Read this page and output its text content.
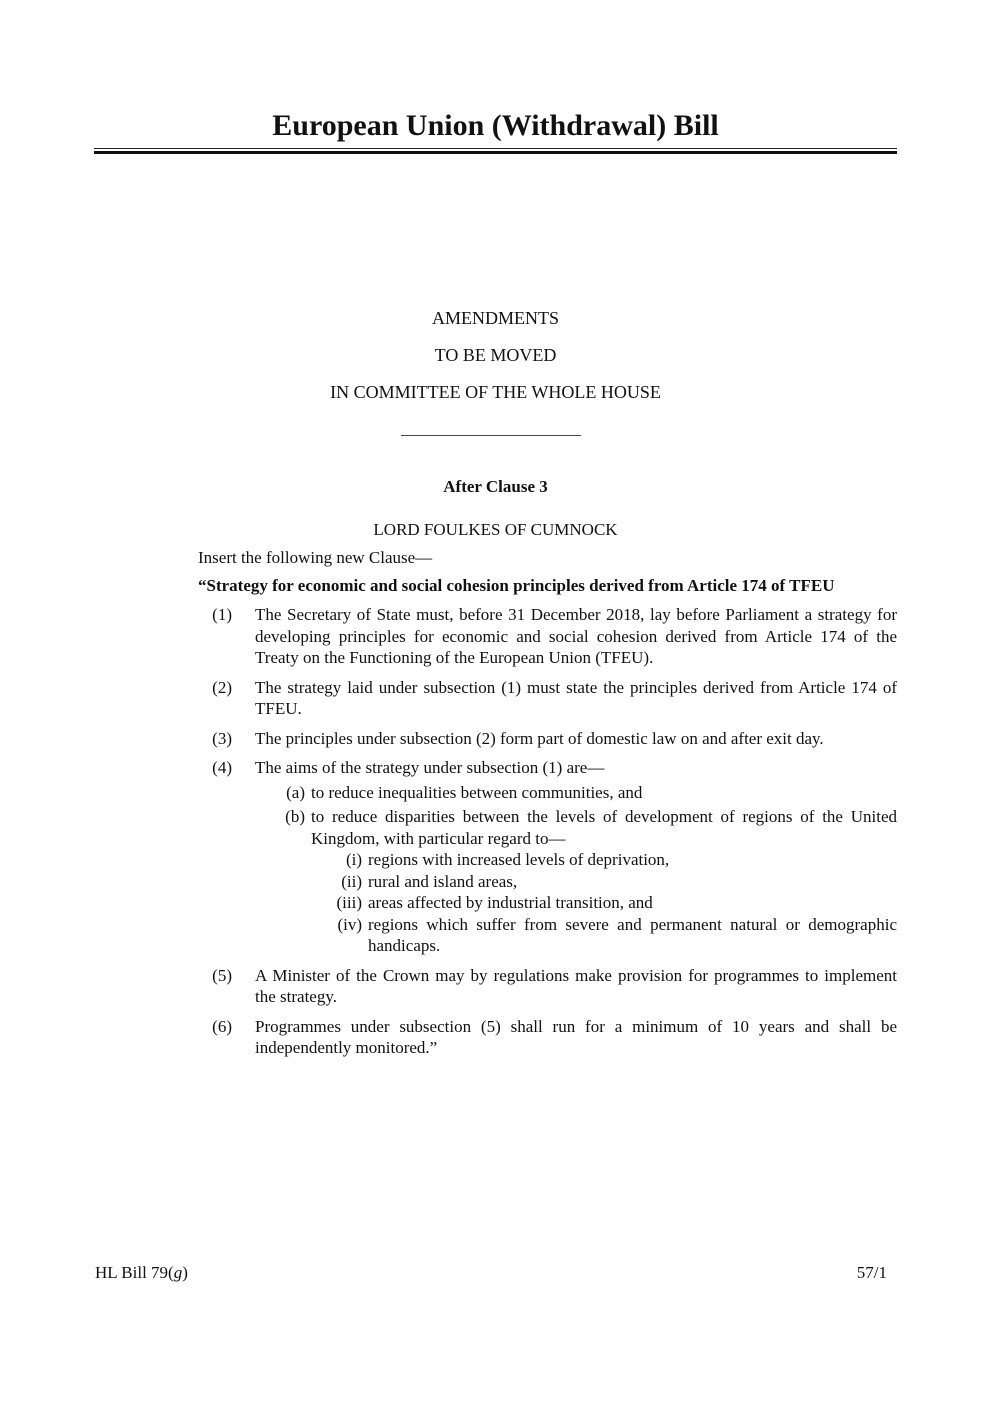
European Union (Withdrawal) Bill
AMENDMENTS
TO BE MOVED
IN COMMITTEE OF THE WHOLE HOUSE
After Clause 3
LORD FOULKES OF CUMNOCK
Insert the following new Clause—
“Strategy for economic and social cohesion principles derived from Article 174 of TFEU
(1)	The Secretary of State must, before 31 December 2018, lay before Parliament a strategy for developing principles for economic and social cohesion derived from Article 174 of the Treaty on the Functioning of the European Union (TFEU).
(2)	The strategy laid under subsection (1) must state the principles derived from Article 174 of TFEU.
(3)	The principles under subsection (2) form part of domestic law on and after exit day.
(4)	The aims of the strategy under subsection (1) are—
(a) to reduce inequalities between communities, and
(b) to reduce disparities between the levels of development of regions of the United Kingdom, with particular regard to—
(i) regions with increased levels of deprivation,
(ii) rural and island areas,
(iii) areas affected by industrial transition, and
(iv) regions which suffer from severe and permanent natural or demographic handicaps.
(5)	A Minister of the Crown may by regulations make provision for programmes to implement the strategy.
(6)	Programmes under subsection (5) shall run for a minimum of 10 years and shall be independently monitored.”
HL Bill 79(g)	57/1
